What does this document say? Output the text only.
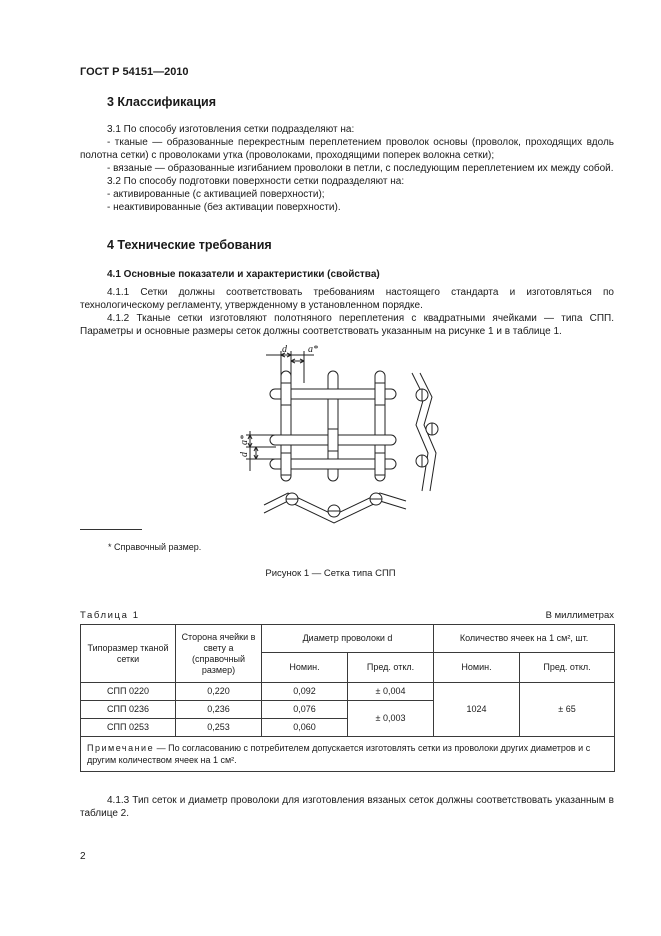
ГОСТ Р 54151—2010
3 Классификация

3.1 По способу изготовления сетки подразделяют на:

- тканые — образованные перекрестным переплетением проволок основы (проволок, проходящих вдоль полотна сетки) с проволоками утка (проволоками, проходящими поперек волокна сетки);

- вязаные — образованные изгибанием проволоки в петли, с последующим переплетением их между собой.

3.2 По способу подготовки поверхности сетки подразделяют на:

- активированные (с активацией поверхности);

- неактивированные (без активации поверхности).

4 Технические требования
4.1 Основные показатели и характеристики (свойства)

4.1.1 Сетки должны соответствовать требованиям настоящего стандарта и изготовляться по технологическому регламенту, утвержденному в установленном порядке.

4.1.2 Тканые сетки изготовляют полотняного переплетения с квадратными ячейками — типа СПП. Параметры и основные размеры сеток должны соответствовать указанным на рисунке 1 и в таблице 1.

d a*
d
a*
* Справочный размер.
Рисунок 1 — Сетка типа СПП
Таблица 1	В миллиметрах
Типоразмер тканой сетки	Сторона ячейки в свету a (справочный размер)	Диаметр проволоки d		Количество ячеек на 1 см², шт.	
		Номин.	Пред. откл.	Номин.	Пред. откл.
СПП 0220	0,220	0,092	± 0,004	1024	± 65
СПП 0236	0,236	0,076	± 0,003		
СПП 0253	0,253	0,060			
Примечание — По согласованию с потребителем допускается изготовлять сетки из проволоки других диаметров и с другим количеством ячеек на 1 см².					

4.1.3 Тип сеток и диаметр проволоки для изготовления вязаных сеток должны соответствовать указанным в таблице 2.

2
